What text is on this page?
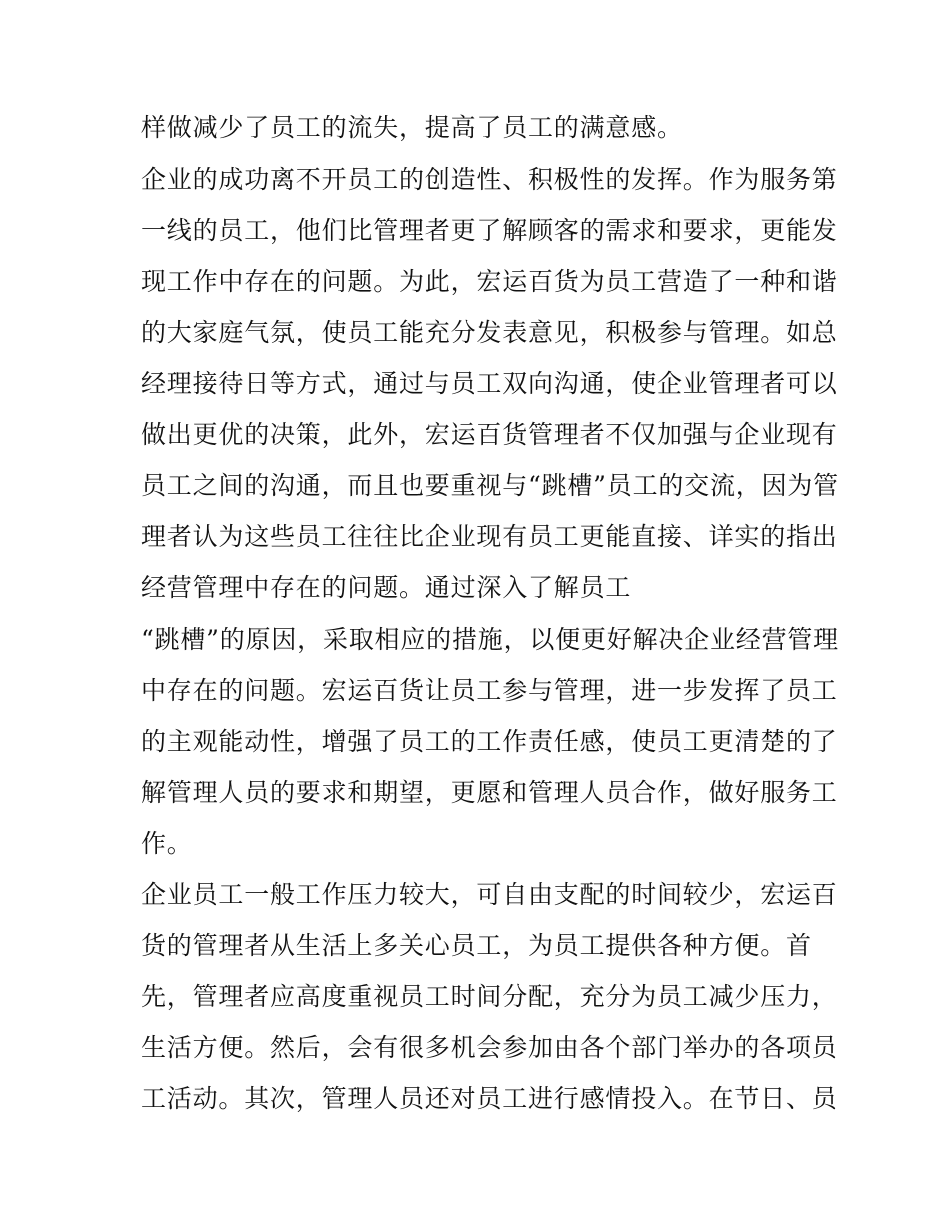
样做减少了员工的流失，提高了员工的满意感。
企业的成功离不开员工的创造性、积极性的发挥。作为服务第
一线的员工，他们比管理者更了解顾客的需求和要求，更能发
现工作中存在的问题。为此，宏运百货为员工营造了一种和谐
的大家庭气氛，使员工能充分发表意见，积极参与管理。如总
经理接待日等方式，通过与员工双向沟通，使企业管理者可以
做出更优的决策，此外，宏运百货管理者不仅加强与企业现有
员工之间的沟通，而且也要重视与“跳槽”员工的交流，因为管
理者认为这些员工往往比企业现有员工更能直接、详实的指出
经营管理中存在的问题。通过深入了解员工
“跳槽”的原因，采取相应的措施，以便更好解决企业经营管理
中存在的问题。宏运百货让员工参与管理，进一步发挥了员工
的主观能动性，增强了员工的工作责任感，使员工更清楚的了
解管理人员的要求和期望，更愿和管理人员合作，做好服务工
作。
企业员工一般工作压力较大，可自由支配的时间较少，宏运百
货的管理者从生活上多关心员工，为员工提供各种方便。首
先，管理者应高度重视员工时间分配，充分为员工减少压力，
生活方便。然后，会有很多机会参加由各个部门举办的各项员
工活动。其次，管理人员还对员工进行感情投入。在节日、员
